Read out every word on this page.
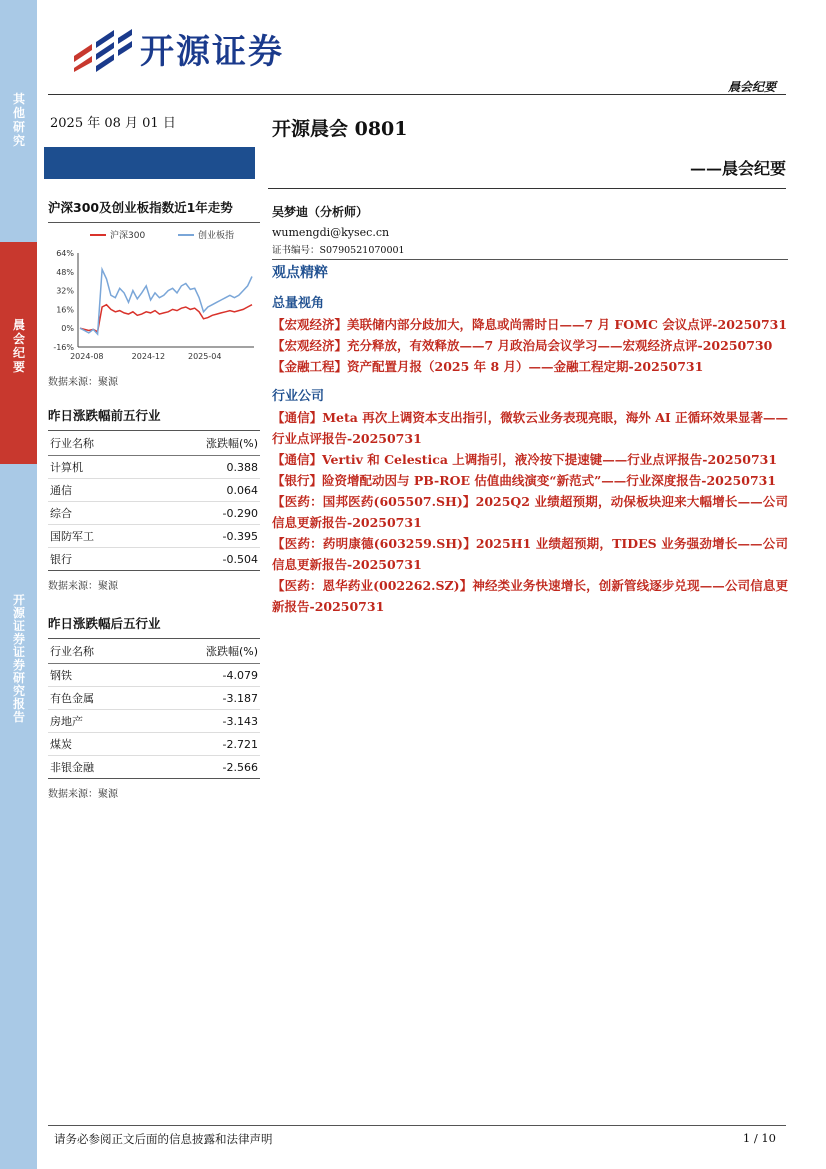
其他研究
晨会纪要
开源证券 证券研究报告
开源证券
晨会纪要
2025 年 08 月 01 日	开源晨会 0801
——晨会纪要
沪深300及创业板指数近1年走势
64%
48%
32%
16%
0%
-16%
2024-08	2024-12	2025-04
沪深300	创业板指
数据来源：聚源
昨日涨跌幅前五行业
行业名称	涨跌幅(%)
计算机	0.388
通信	0.064
综合	-0.290
国防军工	-0.395
银行	-0.504
数据来源：聚源
昨日涨跌幅后五行业
行业名称	涨跌幅(%)
钢铁	-4.079
有色金属	-3.187
房地产	-3.143
煤炭	-2.721
非银金融	-2.566
数据来源：聚源
吴梦迪（分析师）
wumengdi@kysec.cn
证书编号：S0790521070001
观点精粹
总量视角
【宏观经济】美联储内部分歧加大，降息或尚需时日——7 月 FOMC 会议点评-20250731
【宏观经济】充分释放，有效释放——7 月政治局会议学习——宏观经济点评-20250730
【金融工程】资产配置月报（2025 年 8 月）——金融工程定期-20250731
行业公司
【通信】Meta 再次上调资本支出指引，微软云业务表现亮眼，海外 AI 正循环效果显著——行业点评报告-20250731
【通信】Vertiv 和 Celestica 上调指引，液冷按下提速键——行业点评报告-20250731
【银行】险资增配动因与 PB-ROE 估值曲线演变“新范式”——行业深度报告-20250731
【医药：国邦医药(605507.SH)】2025Q2 业绩超预期，动保板块迎来大幅增长——公司信息更新报告-20250731
【医药：药明康德(603259.SH)】2025H1 业绩超预期，TIDES 业务强劲增长——公司信息更新报告-20250731
【医药：恩华药业(002262.SZ)】神经类业务快速增长，创新管线逐步兑现——公司信息更新报告-20250731
请务必参阅正文后面的信息披露和法律声明	1 / 10
